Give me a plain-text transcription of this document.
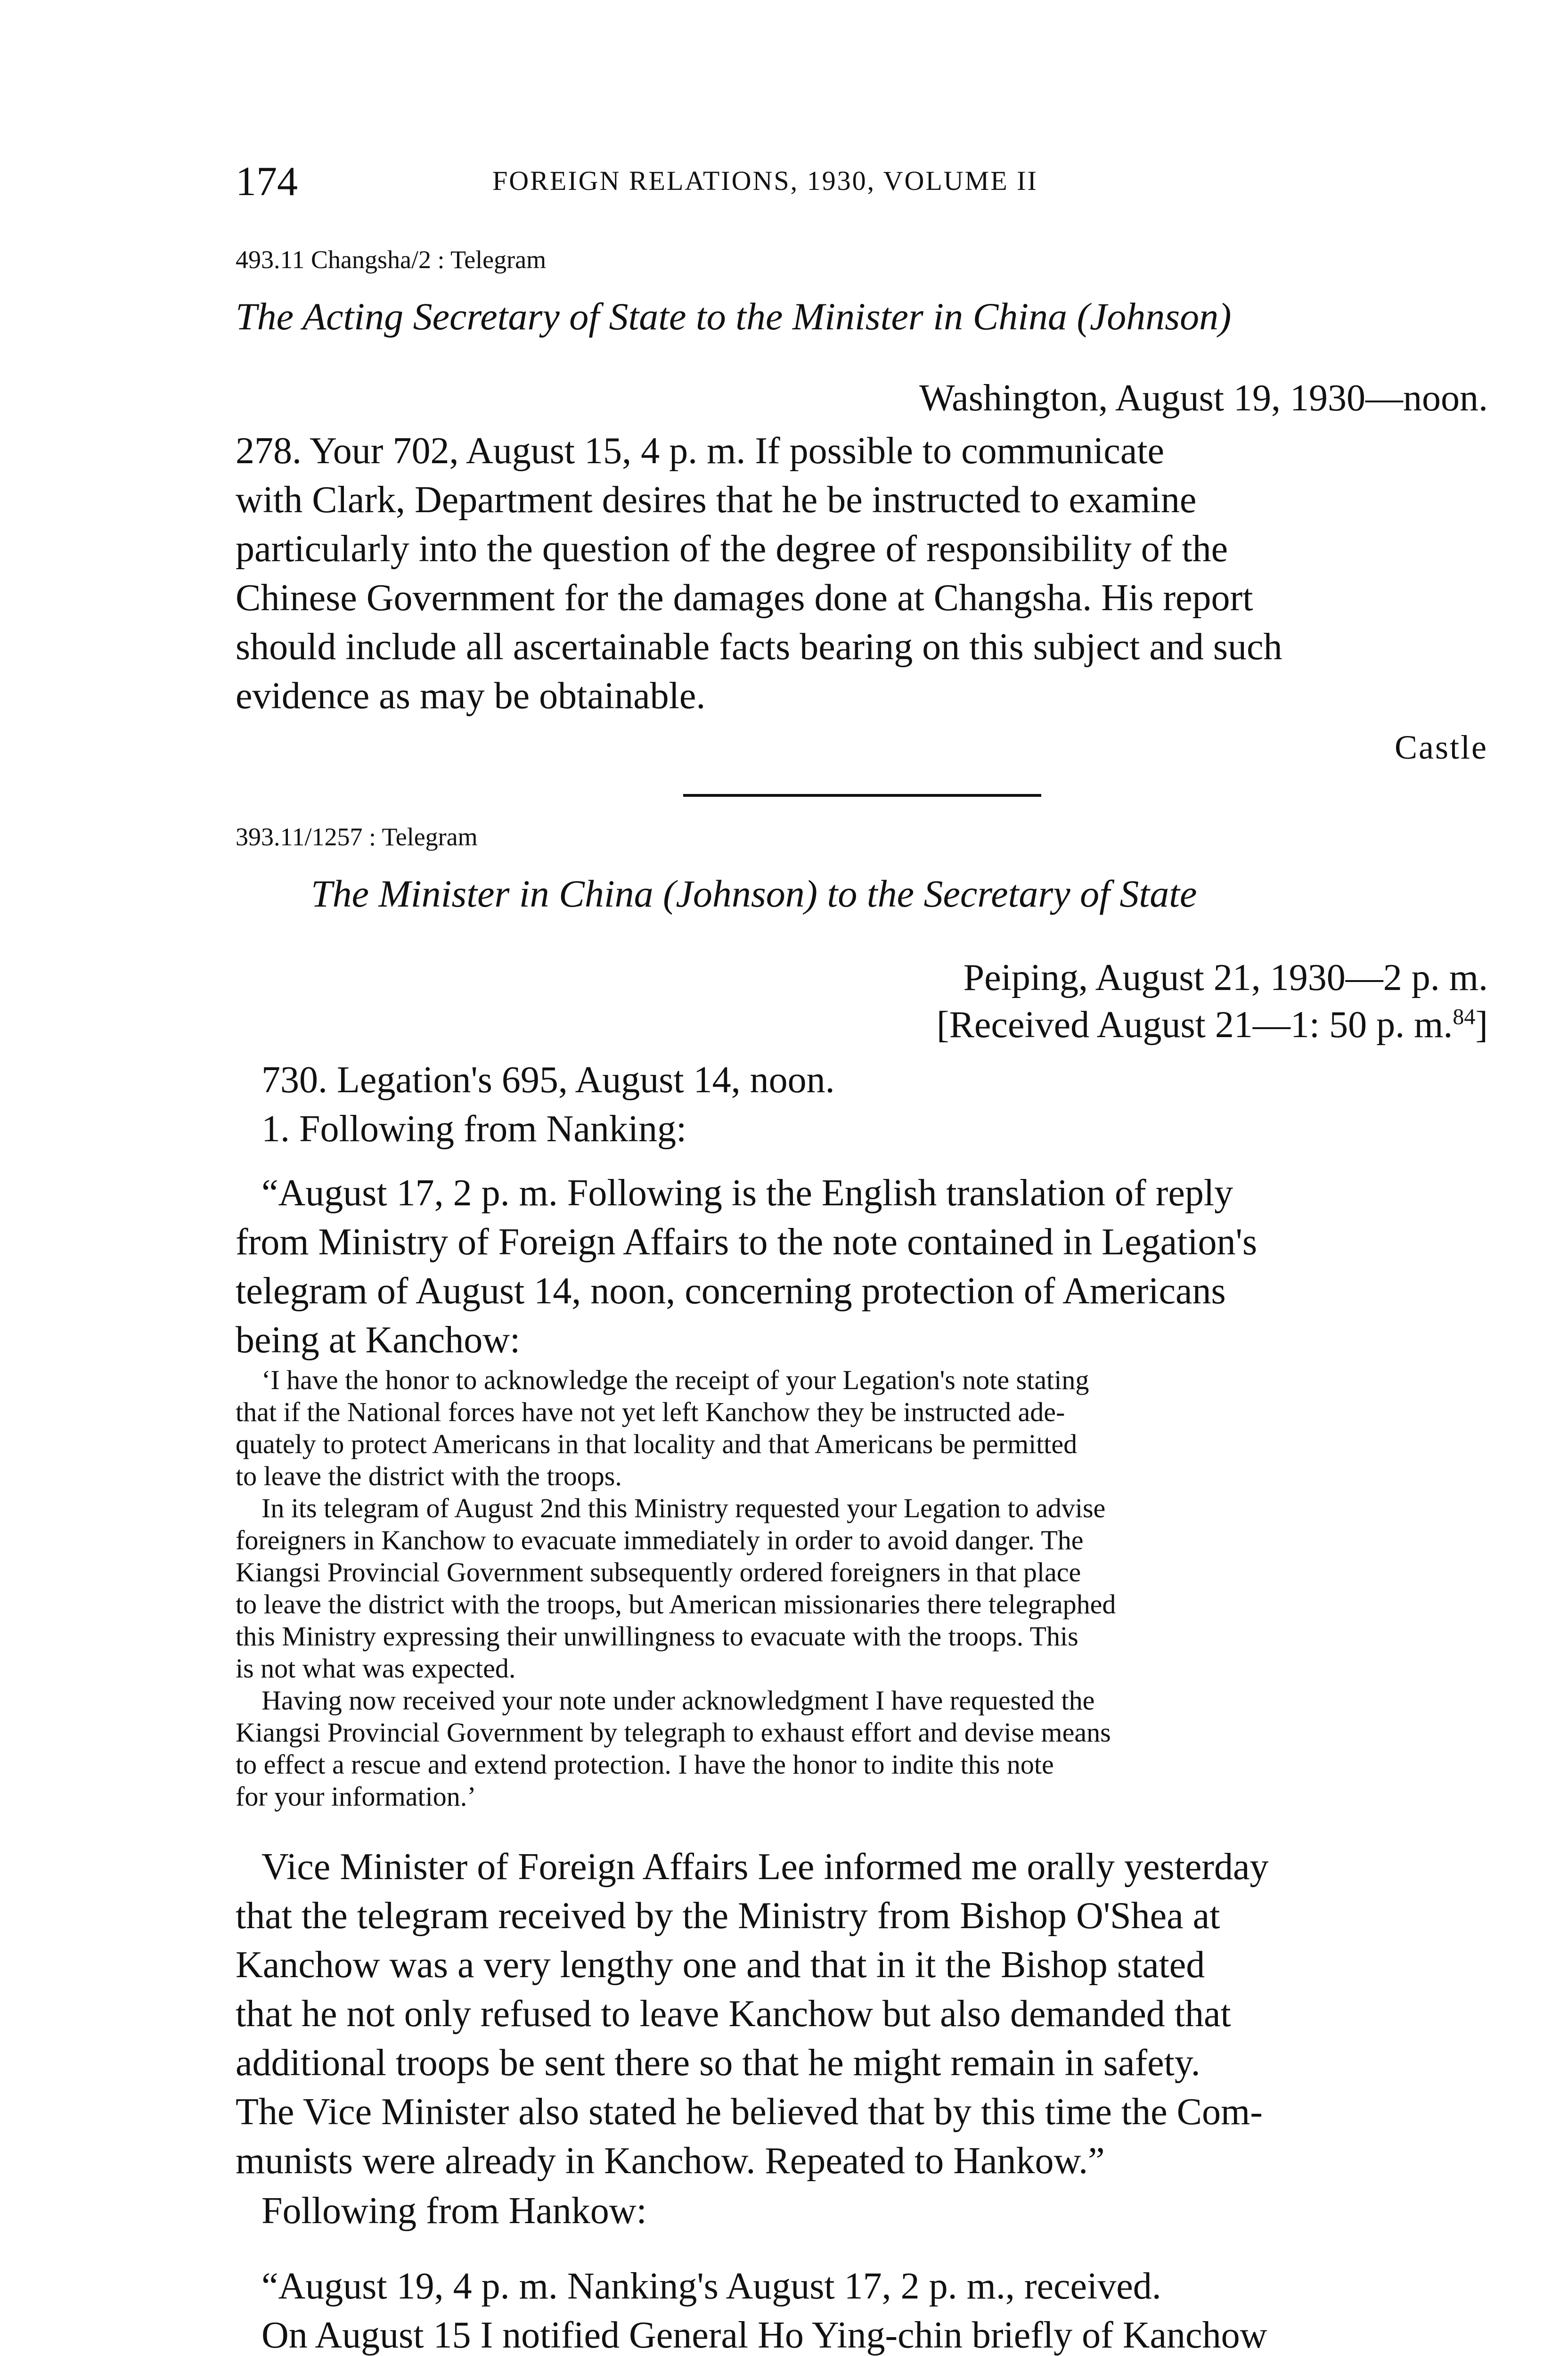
174	FOREIGN RELATIONS, 1930, VOLUME II
493.11 Changsha/2 : Telegram
The Acting Secretary of State to the Minister in China (Johnson)
Washington, August 19, 1930—noon.
278. Your 702, August 15, 4 p. m. If possible to communicate
with Clark, Department desires that he be instructed to examine
particularly into the question of the degree of responsibility of the
Chinese Government for the damages done at Changsha. His report
should include all ascertainable facts bearing on this subject and such
evidence as may be obtainable.
Castle
393.11/1257 : Telegram
The Minister in China (Johnson) to the Secretary of State
Peiping, August 21, 1930—2 p. m.
[Received August 21—1: 50 p. m.$^{84}$]
730. Legation's 695, August 14, noon.
1. Following from Nanking:
“August 17, 2 p. m. Following is the English translation of reply
from Ministry of Foreign Affairs to the note contained in Legation's
telegram of August 14, noon, concerning protection of Americans
being at Kanchow:
‘I have the honor to acknowledge the receipt of your Legation's note stating
that if the National forces have not yet left Kanchow they be instructed ade-
quately to protect Americans in that locality and that Americans be permitted
to leave the district with the troops.
In its telegram of August 2nd this Ministry requested your Legation to advise
foreigners in Kanchow to evacuate immediately in order to avoid danger. The
Kiangsi Provincial Government subsequently ordered foreigners in that place
to leave the district with the troops, but American missionaries there telegraphed
this Ministry expressing their unwillingness to evacuate with the troops. This
is not what was expected.
Having now received your note under acknowledgment I have requested the
Kiangsi Provincial Government by telegraph to exhaust effort and devise means
to effect a rescue and extend protection. I have the honor to indite this note
for your information.’
Vice Minister of Foreign Affairs Lee informed me orally yesterday
that the telegram received by the Ministry from Bishop O'Shea at
Kanchow was a very lengthy one and that in it the Bishop stated
that he not only refused to leave Kanchow but also demanded that
additional troops be sent there so that he might remain in safety.
The Vice Minister also stated he believed that by this time the Com-
munists were already in Kanchow. Repeated to Hankow.”
Following from Hankow:
“August 19, 4 p. m. Nanking's August 17, 2 p. m., received.
On August 15 I notified General Ho Ying-chin briefly of Kanchow
